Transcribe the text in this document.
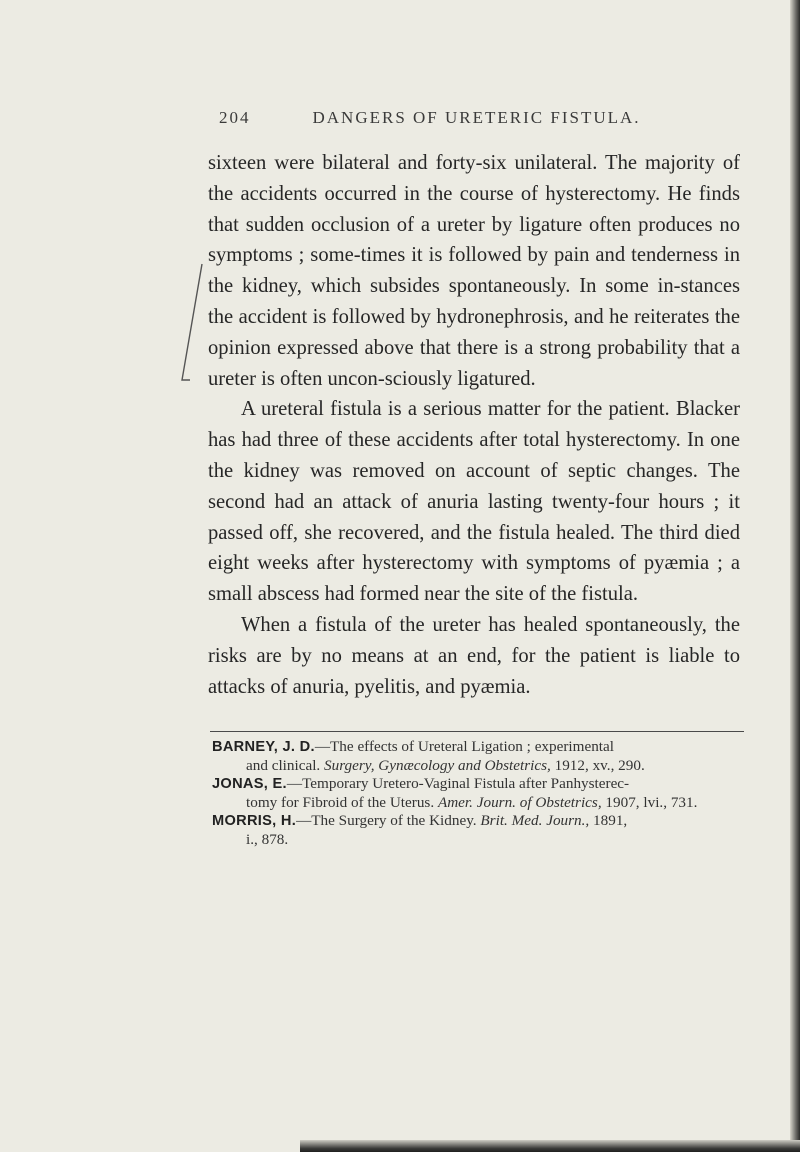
204	DANGERS OF URETERIC FISTULA.

sixteen were bilateral and forty-six unilateral. The majority of the accidents occurred in the course of hysterectomy. He finds that sudden occlusion of a ureter by ligature often produces no symptoms ; some-times it is followed by pain and tenderness in the kidney, which subsides spontaneously. In some in-stances the accident is followed by hydronephrosis, and he reiterates the opinion expressed above that there is a strong probability that a ureter is often uncon-sciously ligatured.

A ureteral fistula is a serious matter for the patient. Blacker has had three of these accidents after total hysterectomy. In one the kidney was removed on account of septic changes. The second had an attack of anuria lasting twenty-four hours ; it passed off, she recovered, and the fistula healed. The third died eight weeks after hysterectomy with symptoms of pyæmia ; a small abscess had formed near the site of the fistula.

When a fistula of the ureter has healed spontaneously, the risks are by no means at an end, for the patient is liable to attacks of anuria, pyelitis, and pyæmia.

BARNEY, J. D.—The effects of Ureteral Ligation ; experimental
and clinical. Surgery, Gynæcology and Obstetrics, 1912, xv., 290.
JONAS, E.—Temporary Uretero-Vaginal Fistula after Panhysterec-
tomy for Fibroid of the Uterus. Amer. Journ. of Obstetrics, 1907, lvi., 731.
MORRIS, H.—The Surgery of the Kidney. Brit. Med. Journ., 1891,
i., 878.
